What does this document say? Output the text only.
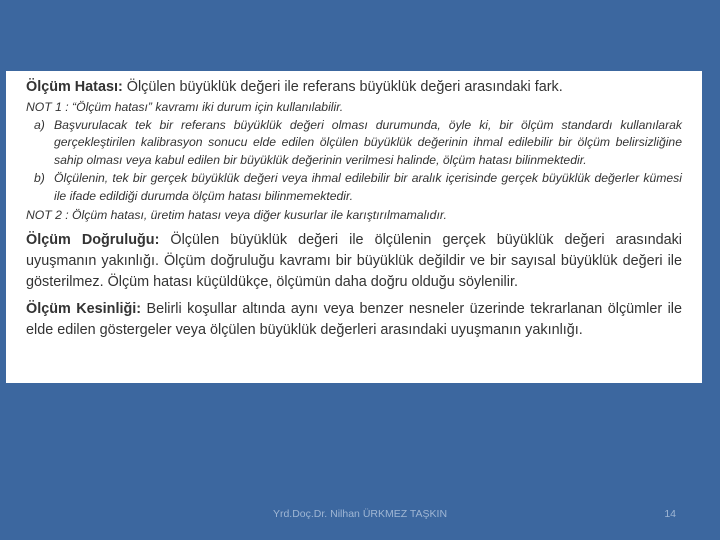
Ölçüm Hatası: Ölçülen büyüklük değeri ile referans büyüklük değeri arasındaki fark.

NOT 1 : “Ölçüm hatası” kavramı iki durum için kullanılabilir.

a) Başvurulacak tek bir referans büyüklük değeri olması durumunda, öyle ki, bir ölçüm standardı kullanılarak gerçekleştirilen kalibrasyon sonucu elde edilen ölçülen büyüklük değerinin ihmal edilebilir bir ölçüm belirsizliğine sahip olması veya kabul edilen bir büyüklük değerinin verilmesi halinde, ölçüm hatası bilinmektedir.
b) Ölçülenin, tek bir gerçek büyüklük değeri veya ihmal edilebilir bir aralık içerisinde gerçek büyüklük değerler kümesi ile ifade edildiği durumda ölçüm hatası bilinmemektedir.

NOT 2 : Ölçüm hatası, üretim hatası veya diğer kusurlar ile karıştırılmamalıdır.

Ölçüm Doğruluğu: Ölçülen büyüklük değeri ile ölçülenin gerçek büyüklük değeri arasındaki uyuşmanın yakınlığı. Ölçüm doğruluğu kavramı bir büyüklük değildir ve bir sayısal büyüklük değeri ile gösterilmez. Ölçüm hatası küçüldükçe, ölçümün daha doğru olduğu söylenilir.

Ölçüm Kesinliği: Belirli koşullar altında aynı veya benzer nesneler üzerinde tekrarlanan ölçümler ile elde edilen göstergeler veya ölçülen büyüklük değerleri arasındaki uyuşmanın yakınlığı.

Yrd.Doç.Dr. Nilhan ÜRKMEZ TAŞKIN	14
